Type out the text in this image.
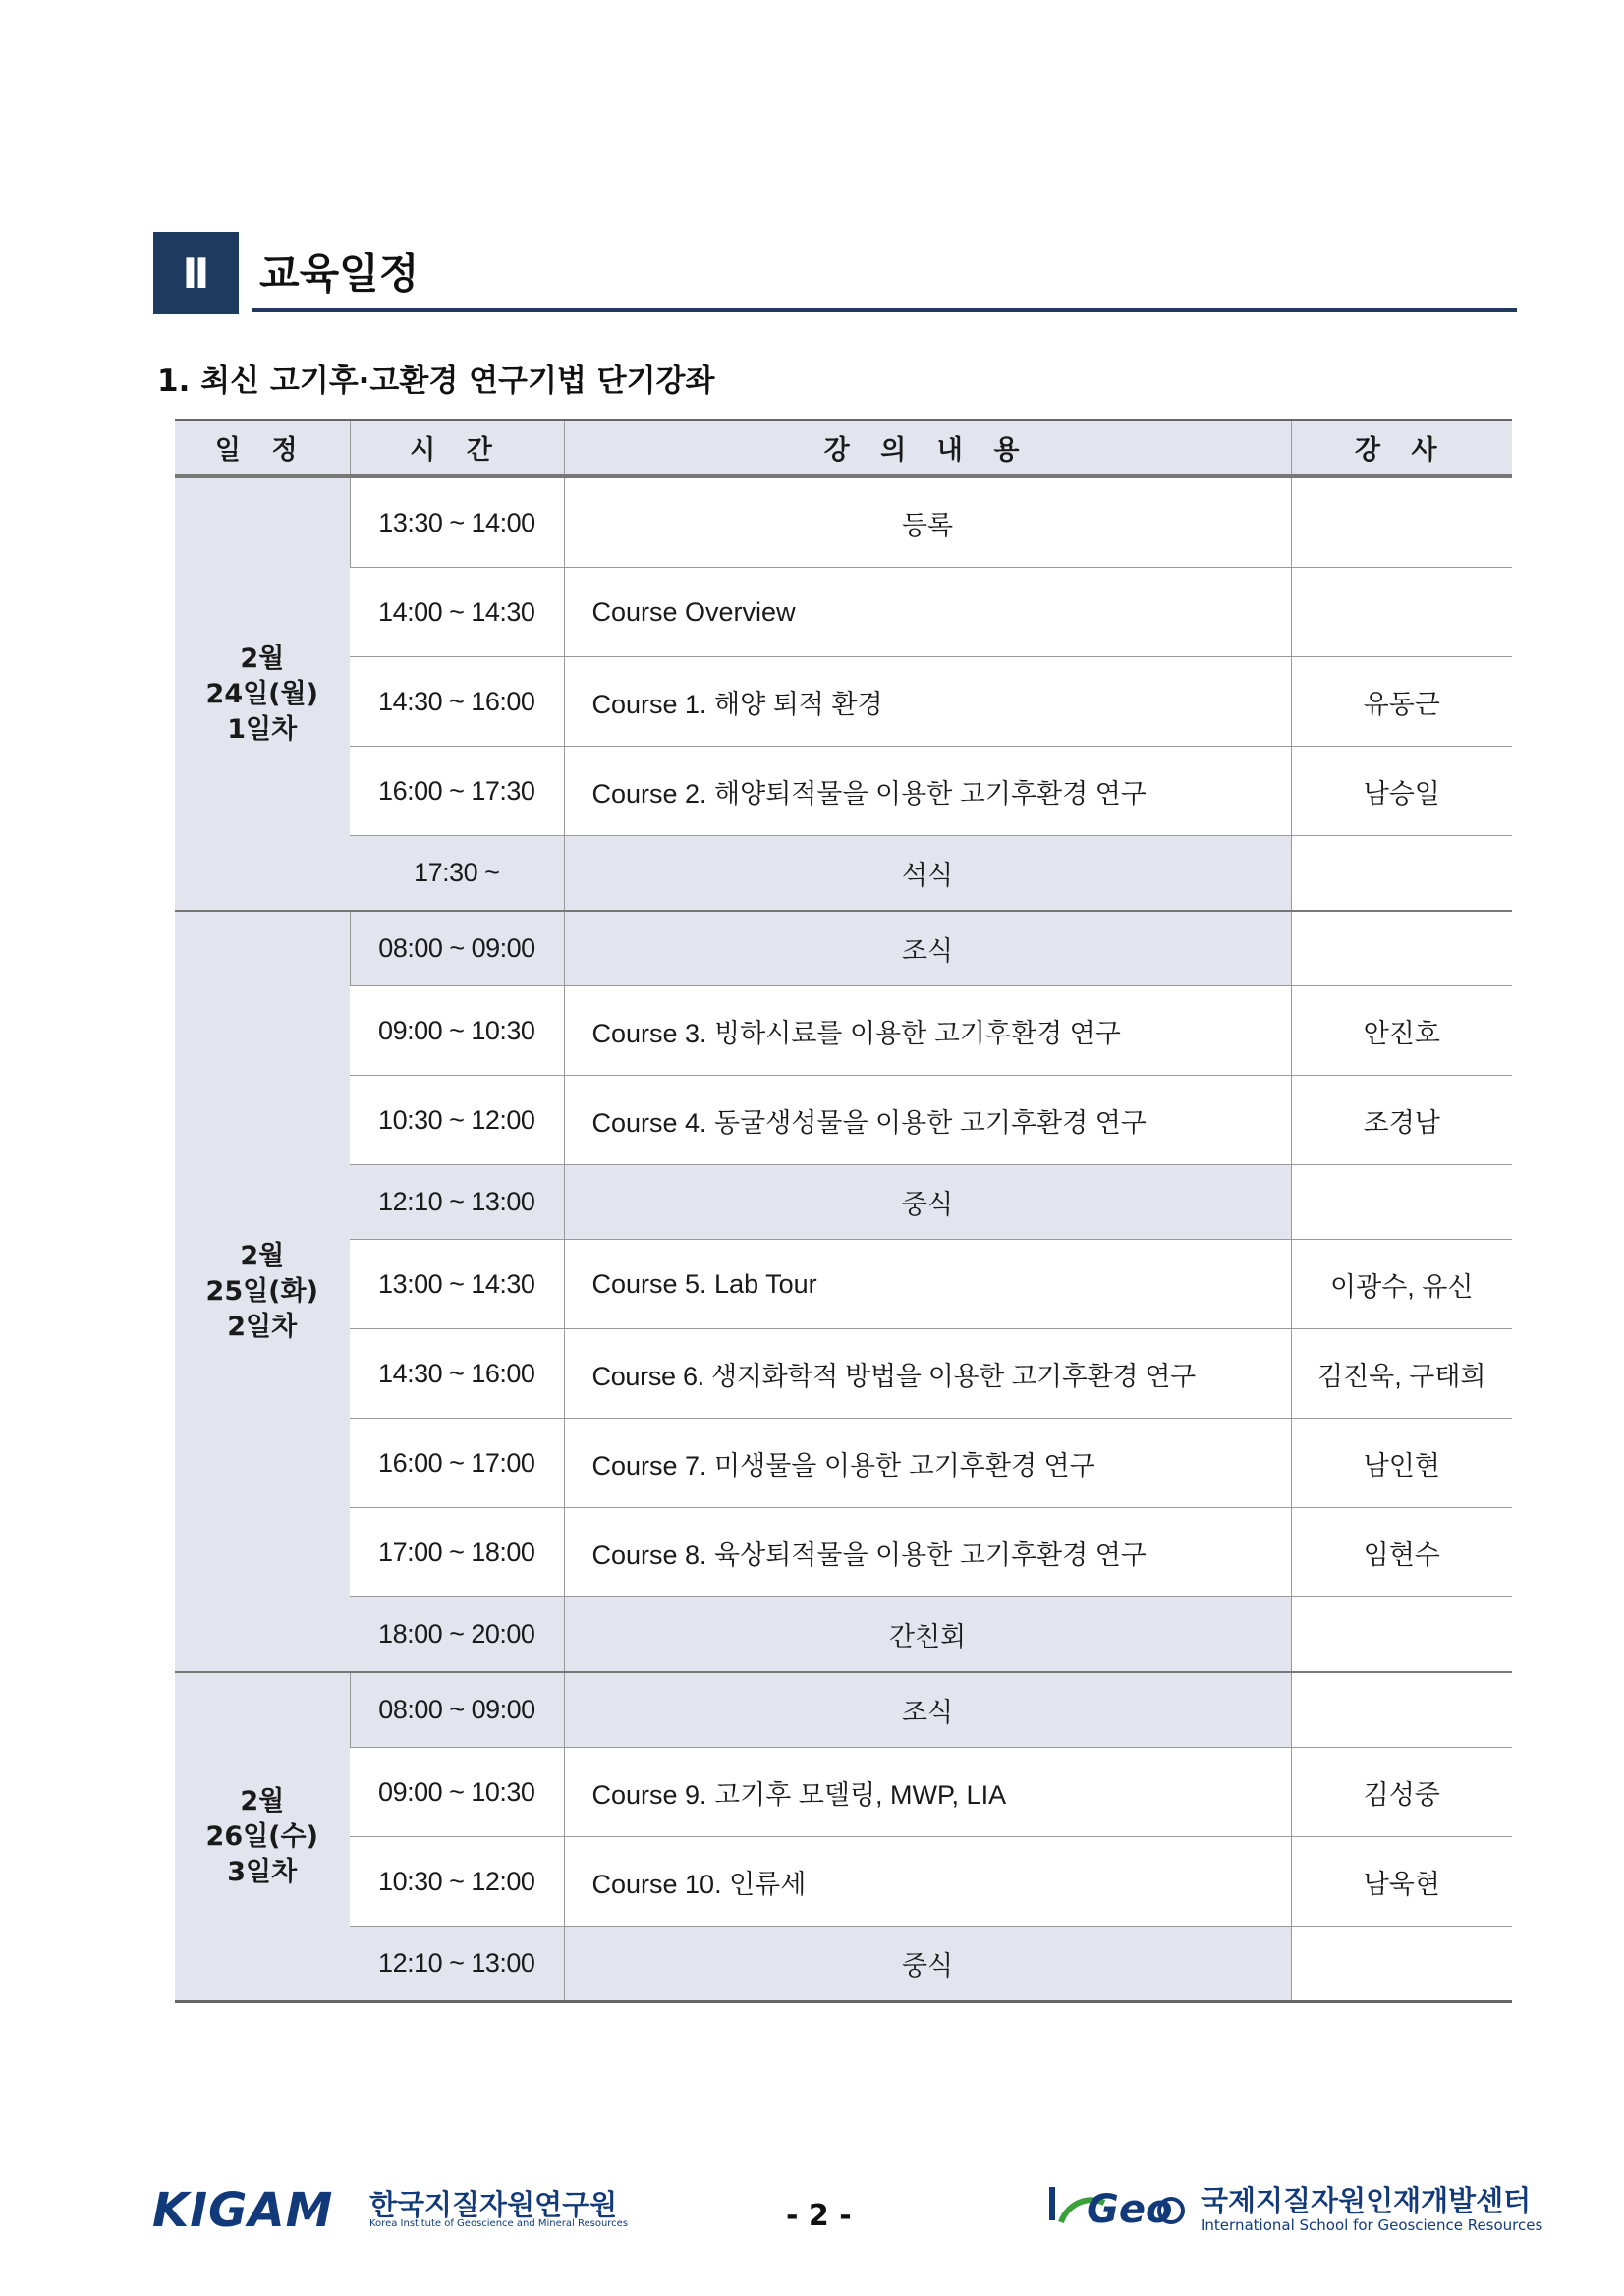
Ⅱ	교육일정
1. 최신 고기후·고환경 연구기법 단기강좌
일 정	시 간	강 의 내 용	강 사

2월
24일(월)
1일차	13:30 ~ 14:00	등록	
	14:00 ~ 14:30	Course Overview	
	14:30 ~ 16:00	Course 1. 해양 퇴적 환경	유동근
	16:00 ~ 17:30	Course 2. 해양퇴적물을 이용한 고기후환경 연구	남승일
	17:30 ~	석식	

2월
25일(화)
2일차	08:00 ~ 09:00	조식	
	09:00 ~ 10:30	Course 3. 빙하시료를 이용한 고기후환경 연구	안진호
	10:30 ~ 12:00	Course 4. 동굴생성물을 이용한 고기후환경 연구	조경남
	12:10 ~ 13:00	중식	
	13:00 ~ 14:30	Course 5. Lab Tour	이광수, 유신
	14:30 ~ 16:00	Course 6. 생지화학적 방법을 이용한 고기후환경 연구	김진욱, 구태희
	16:00 ~ 17:00	Course 7. 미생물을 이용한 고기후환경 연구	남인현
	17:00 ~ 18:00	Course 8. 육상퇴적물을 이용한 고기후환경 연구	임현수
	18:00 ~ 20:00	간친회	

2월
26일(수)
3일차	08:00 ~ 09:00	조식	
	09:00 ~ 10:30	Course 9. 고기후 모델링, MWP, LIA	김성중
	10:30 ~ 12:00	Course 10. 인류세	남욱현
	12:10 ~ 13:00	중식	
KIGAM 한국지질자원연구원
Korea Institute of Geoscience and Mineral Resources	- 2 -	Geo 국제지질자원인재개발센터
International School for Geoscience Resources
